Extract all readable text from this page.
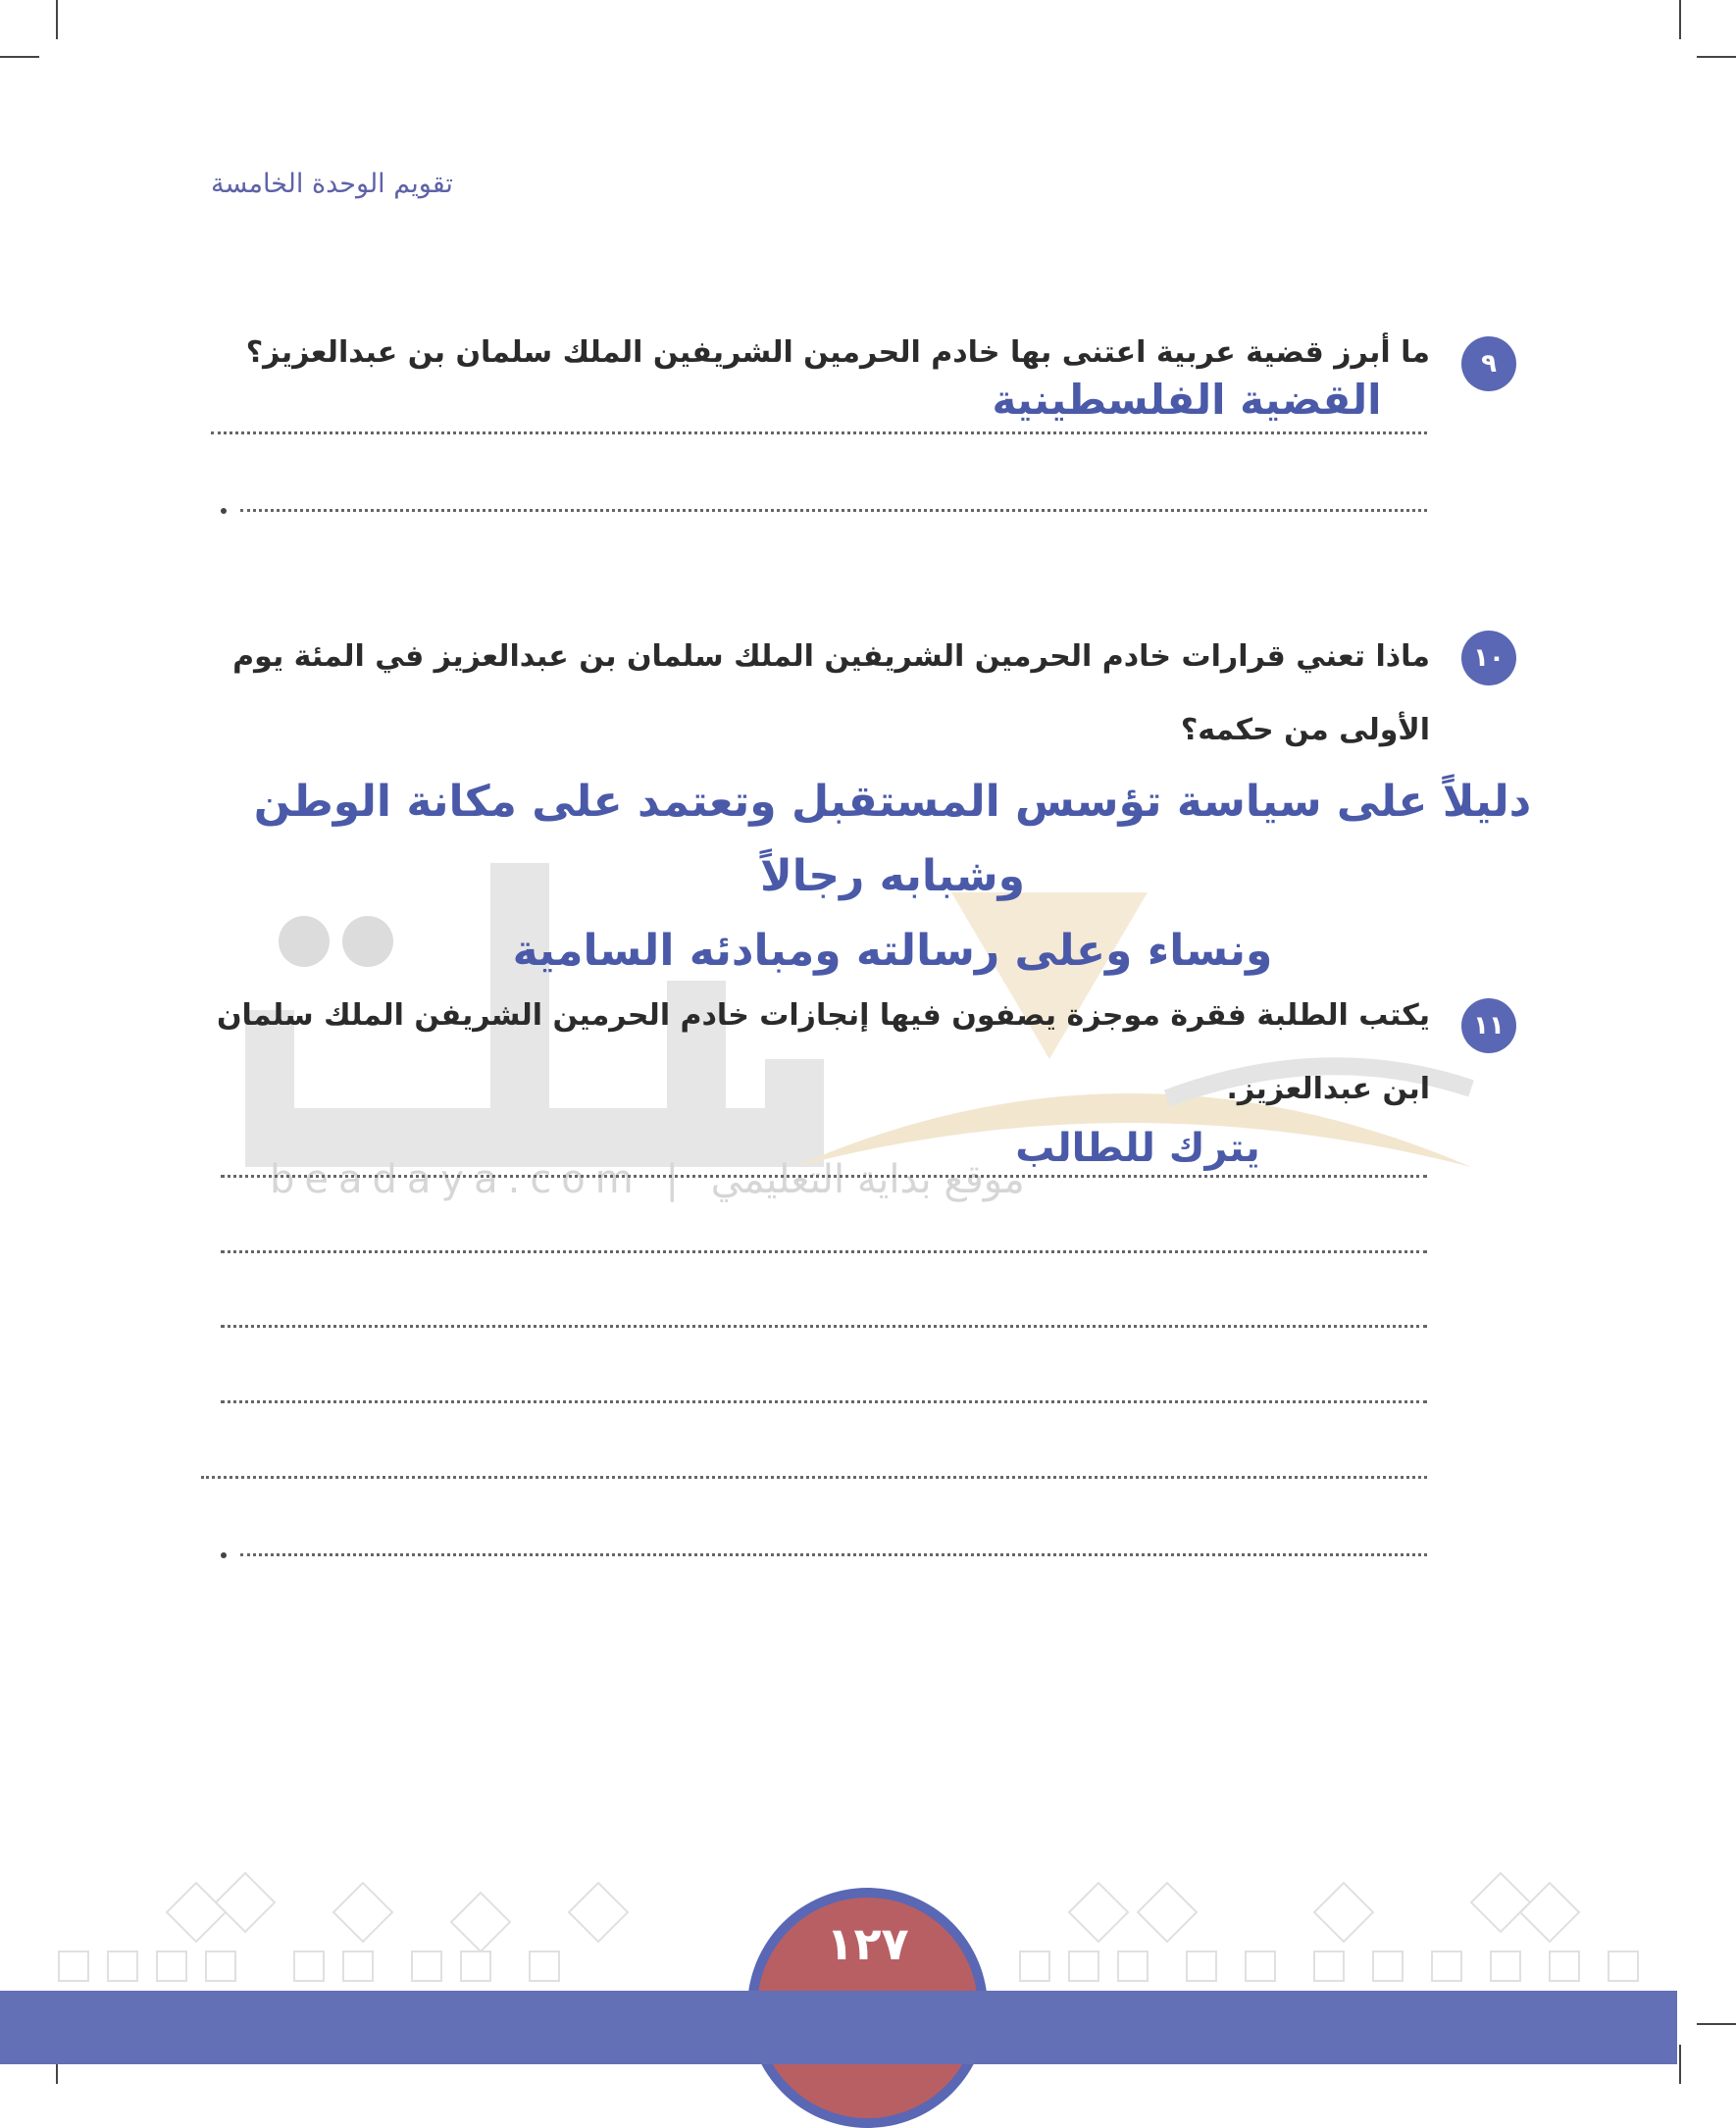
beadaya.com | موقع بداية التعليمي
تقويم الوحدة الخامسة
٩
ما أبرز قضية عربية اعتنى بها خادم الحرمين الشريفين الملك سلمان بن عبدالعزيز؟
القضية الفلسطينية
١٠
ماذا تعني قرارات خادم الحرمين الشريفين الملك سلمان بن عبدالعزيز في المئة يوم
الأولى من حكمه؟
دليلاً على سياسة تؤسس المستقبل وتعتمد على مكانة الوطن وشبابه رجالاً
ونساء وعلى رسالته ومبادئه السامية
١١
يكتب الطلبة فقرة موجزة يصفون فيها إنجازات خادم الحرمين الشريفن الملك سلمان
ابن عبدالعزيز.
يترك للطالب
١٢٧
